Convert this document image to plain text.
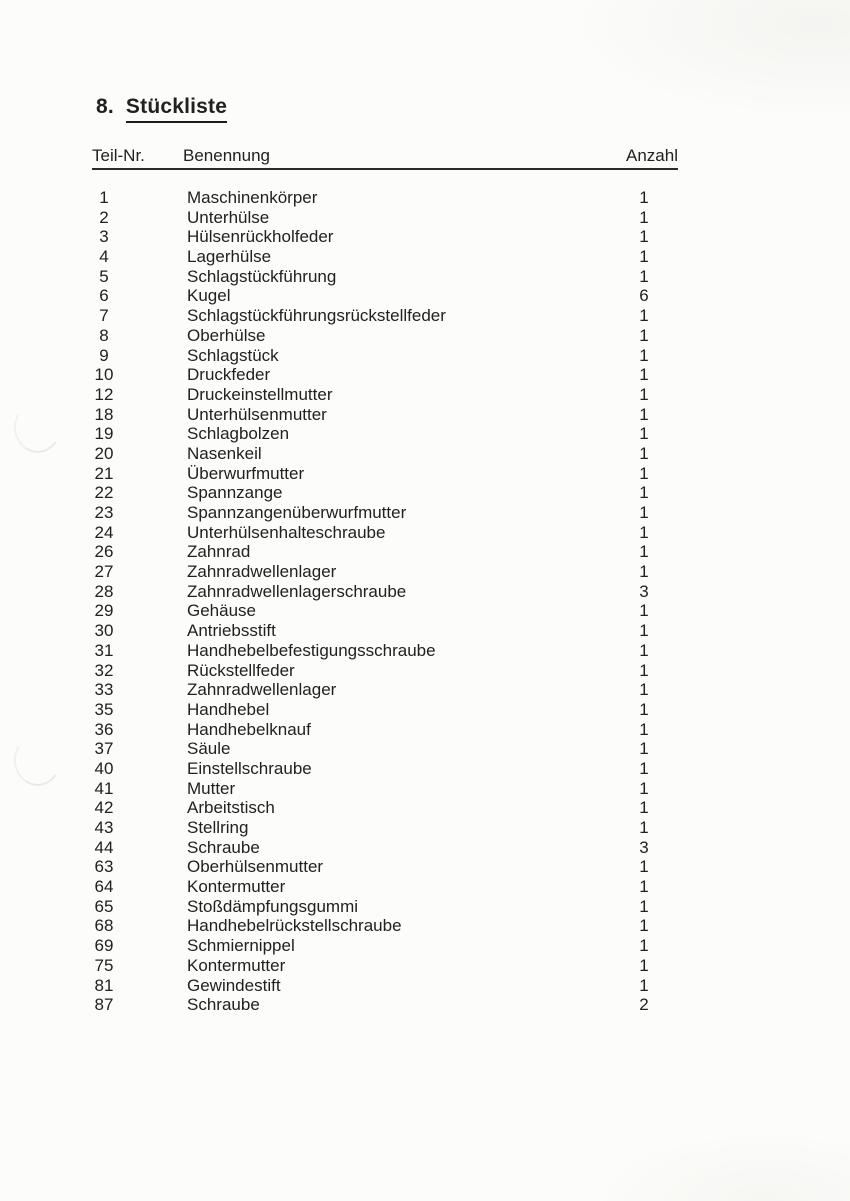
8. Stückliste
Teil-Nr.	Benennung	Anzahl
1	Maschinenkörper	1
2	Unterhülse	1
3	Hülsenrückholfeder	1
4	Lagerhülse	1
5	Schlagstückführung	1
6	Kugel	6
7	Schlagstückführungsrückstellfeder	1
8	Oberhülse	1
9	Schlagstück	1
10	Druckfeder	1
12	Druckeinstellmutter	1
18	Unterhülsenmutter	1
19	Schlagbolzen	1
20	Nasenkeil	1
21	Überwurfmutter	1
22	Spannzange	1
23	Spannzangenüberwurfmutter	1
24	Unterhülsenhalteschraube	1
26	Zahnrad	1
27	Zahnradwellenlager	1
28	Zahnradwellenlagerschraube	3
29	Gehäuse	1
30	Antriebsstift	1
31	Handhebelbefestigungsschraube	1
32	Rückstellfeder	1
33	Zahnradwellenlager	1
35	Handhebel	1
36	Handhebelknauf	1
37	Säule	1
40	Einstellschraube	1
41	Mutter	1
42	Arbeitstisch	1
43	Stellring	1
44	Schraube	3
63	Oberhülsenmutter	1
64	Kontermutter	1
65	Stoßdämpfungsgummi	1
68	Handhebelrückstellschraube	1
69	Schmiernippel	1
75	Kontermutter	1
81	Gewindestift	1
87	Schraube	2
